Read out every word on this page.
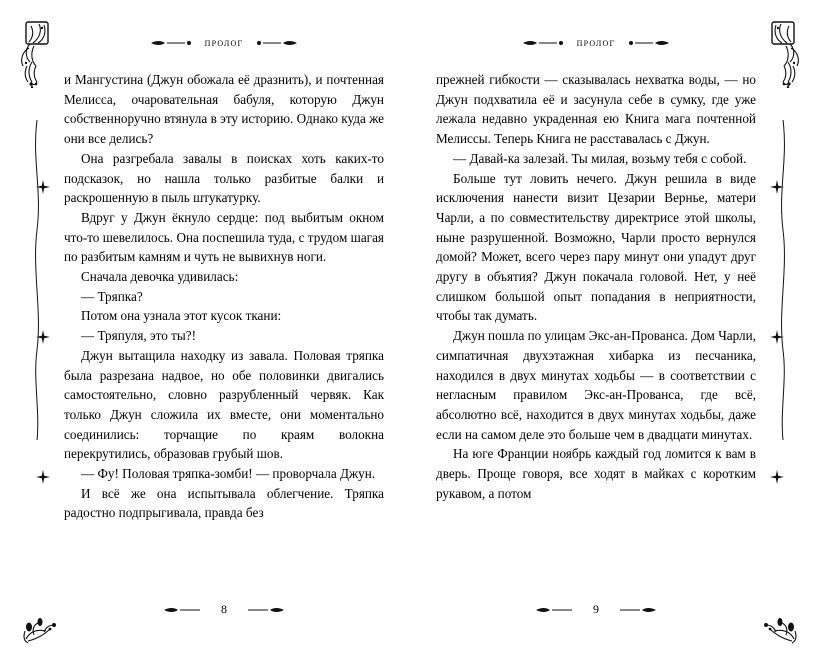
пролог

и Мангустина (Джун обожала её дразнить), и почтенная Мелисса, очаровательная бабуля, которую Джун собственноручно втянула в эту историю. Однако куда же они все делись?

Она разгребала завалы в поисках хоть каких-то подсказок, но нашла только разбитые балки и раскрошенную в пыль штукатурку.

Вдруг у Джун ёкнуло сердце: под выбитым окном что-то шевелилось. Она поспешила туда, с трудом шагая по разбитым камням и чуть не вывихнув ноги.

Сначала девочка удивилась:

— Тряпка?

Потом она узнала этот кусок ткани:

— Тряпуля, это ты?!

Джун вытащила находку из завала. Половая тряпка была разрезана надвое, но обе половинки двигались самостоятельно, словно разрубленный червяк. Как только Джун сложила их вместе, они моментально соединились: торчащие по краям волокна перекрутились, образовав грубый шов.

— Фу! Половая тряпка-зомби! — проворчала Джун.

И всё же она испытывала облегчение. Тряпка радостно подпрыгивала, правда без

8
пролог

прежней гибкости — сказывалась нехватка воды, — но Джун подхватила её и засунула себе в сумку, где уже лежала недавно украденная ею Книга мага почтенной Мелиссы. Теперь Книга не расставалась с Джун.

— Давай-ка залезай. Ты милая, возьму тебя с собой.

Больше тут ловить нечего. Джун решила в виде исключения нанести визит Цезарии Вернье, матери Чарли, а по совместительству директрисе этой школы, ныне разрушенной. Возможно, Чарли просто вернулся домой? Может, всего через пару минут они упадут друг другу в объятия? Джун покачала головой. Нет, у неё слишком большой опыт попадания в неприятности, чтобы так думать.

Джун пошла по улицам Экс-ан-Прованса. Дом Чарли, симпатичная двухэтажная хибарка из песчаника, находился в двух минутах ходьбы — в соответствии с негласным правилом Экс-ан-Прованса, где всё, абсолютно всё, находится в двух минутах ходьбы, даже если на самом деле это больше чем в двадцати минутах.

На юге Франции ноябрь каждый год ломится к вам в дверь. Проще говоря, все ходят в майках с коротким рукавом, а потом

9
